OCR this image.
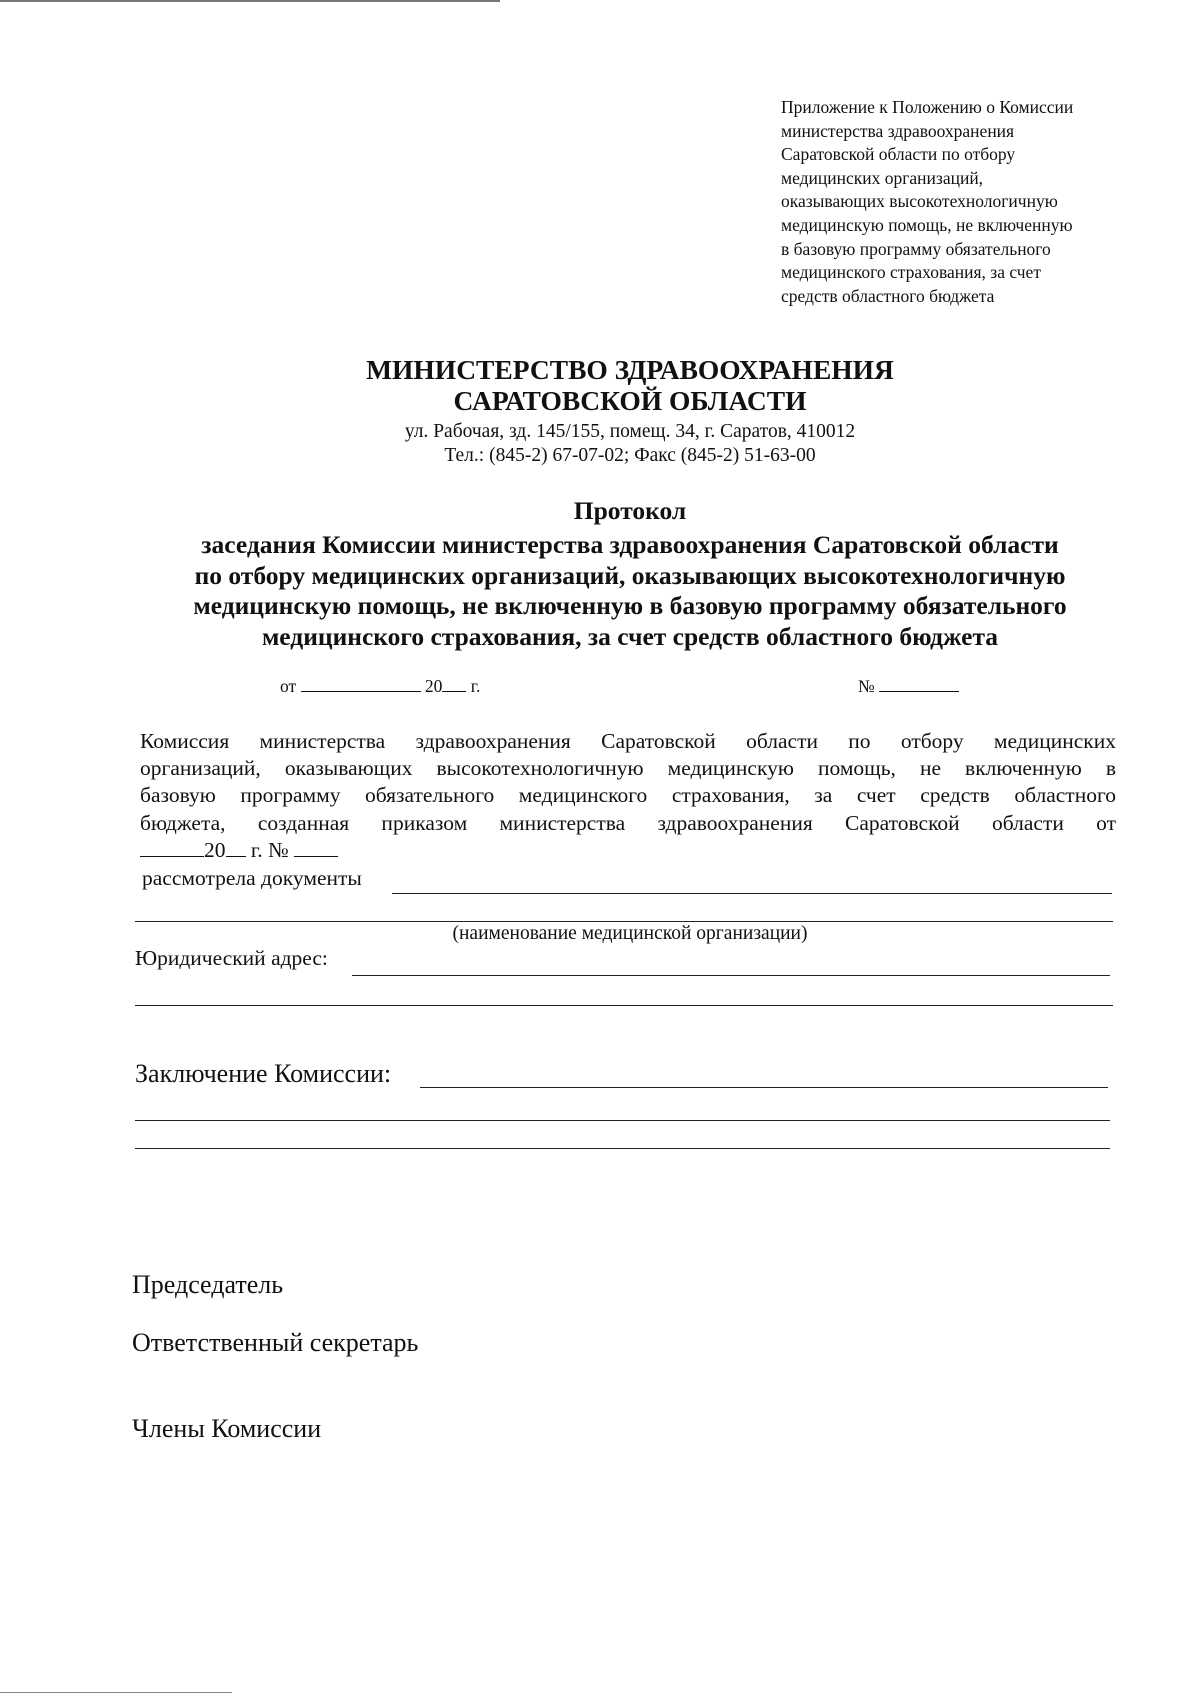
Приложение к Положению о Комиссии
министерства здравоохранения
Саратовской области по отбору
медицинских организаций,
оказывающих высокотехнологичную
медицинскую помощь, не включенную
в базовую программу обязательного
медицинского страхования, за счет
средств областного бюджета
МИНИСТЕРСТВО ЗДРАВООХРАНЕНИЯ
САРАТОВСКОЙ ОБЛАСТИ
ул. Рабочая, зд. 145/155, помещ. 34, г. Саратов, 410012
Тел.: (845-2) 67-07-02; Факс (845-2) 51-63-00
Протокол
заседания Комиссии министерства здравоохранения Саратовской области
по отбору медицинских организаций, оказывающих высокотехнологичную
медицинскую помощь, не включенную в базовую программу обязательного
медицинского страхования, за счет средств областного бюджета
от	20 г.	№
Комиссия министерства здравоохранения Саратовской области по отбору медицинских
организаций, оказывающих высокотехнологичную медицинскую помощь, не включенную в
базовую программу обязательного медицинского страхования, за счет средств областного
бюджета, созданная приказом министерства здравоохранения Саратовской области от
20 г. №
рассмотрела документы
(наименование медицинской организации)
Юридический адрес:
Заключение Комиссии:
Председатель
Ответственный секретарь
Члены Комиссии
